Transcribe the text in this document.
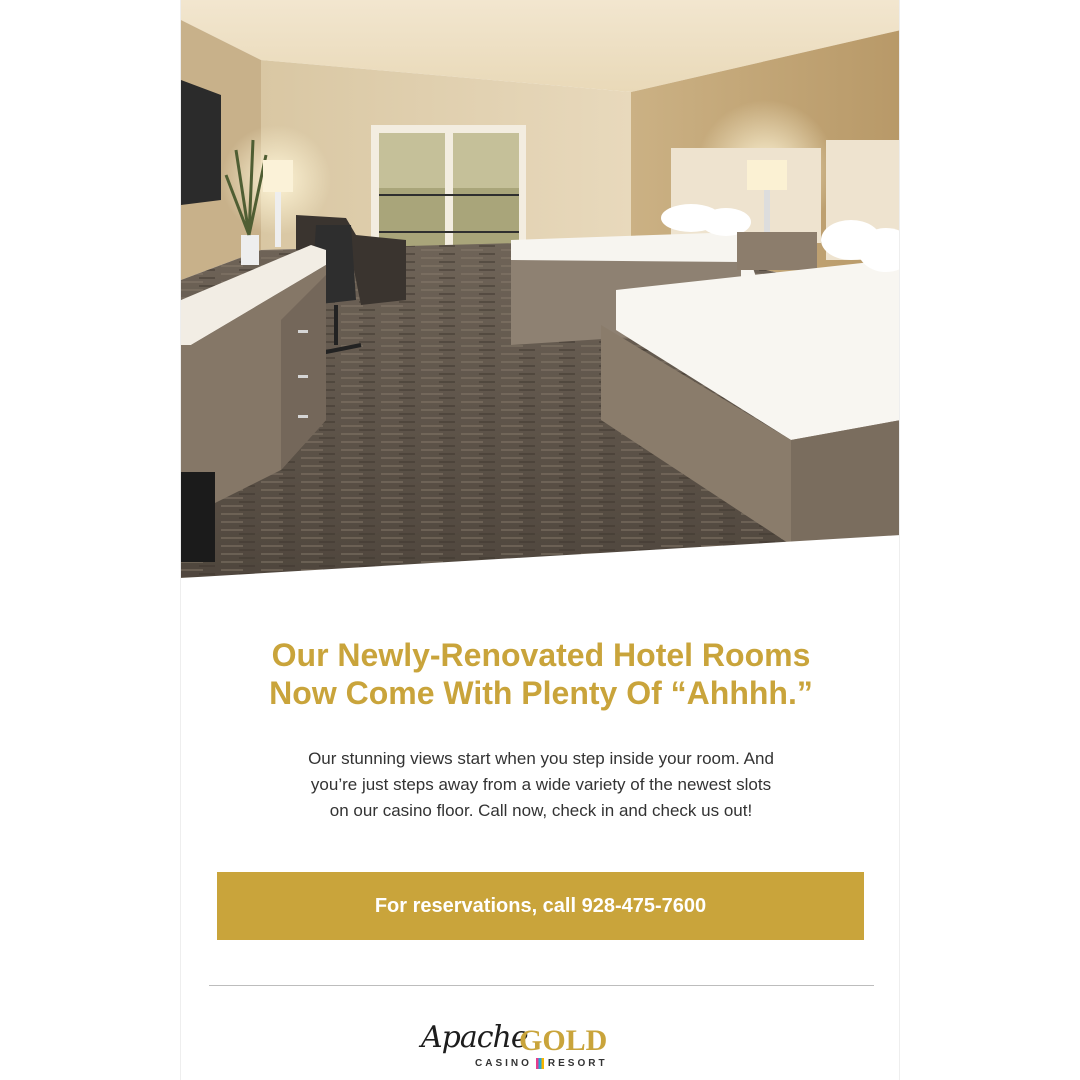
Our Newly-Renovated Hotel Rooms
Now Come With Plenty Of “Ahhhh.”

Our stunning views start when you step inside your room. And
you’re just steps away from a wide variety of the newest slots
on our casino floor. Call now, check in and check us out!

For reservations, call 928-475-7600
Apache
GOLD
CASINO RESORT
